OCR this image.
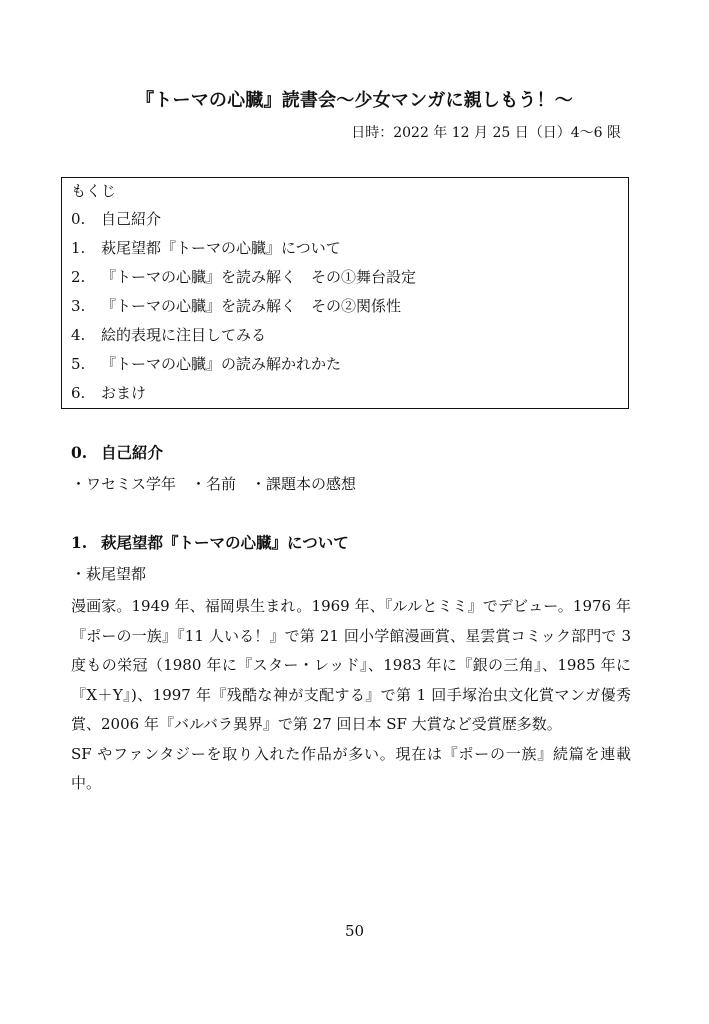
『トーマの心臓』読書会～少女マンガに親しもう！～
日時：2022 年 12 月 25 日（日）4～6 限
もくじ
0. 自己紹介
1. 萩尾望都『トーマの心臓』について
2. 『トーマの心臓』を読み解く　その①舞台設定
3. 『トーマの心臓』を読み解く　その②関係性
4. 絵的表現に注目してみる
5. 『トーマの心臓』の読み解かれかた
6. おまけ
0. 自己紹介
・ワセミス学年　・名前　・課題本の感想
1. 萩尾望都『トーマの心臓』について
・萩尾望都
漫画家。1949 年、福岡県生まれ。1969 年、『ルルとミミ』でデビュー。1976 年『ポーの一族』『11 人いる！』で第 21 回小学館漫画賞、星雲賞コミック部門で 3 度もの栄冠（1980 年に『スター・レッド』、1983 年に『銀の三角』、1985 年に『X＋Y』)、1997 年『残酷な神が支配する』で第 1 回手塚治虫文化賞マンガ優秀賞、2006 年『バルバラ異界』で第 27 回日本 SF 大賞など受賞歴多数。
SF やファンタジーを取り入れた作品が多い。現在は『ポーの一族』続篇を連載中。
50
